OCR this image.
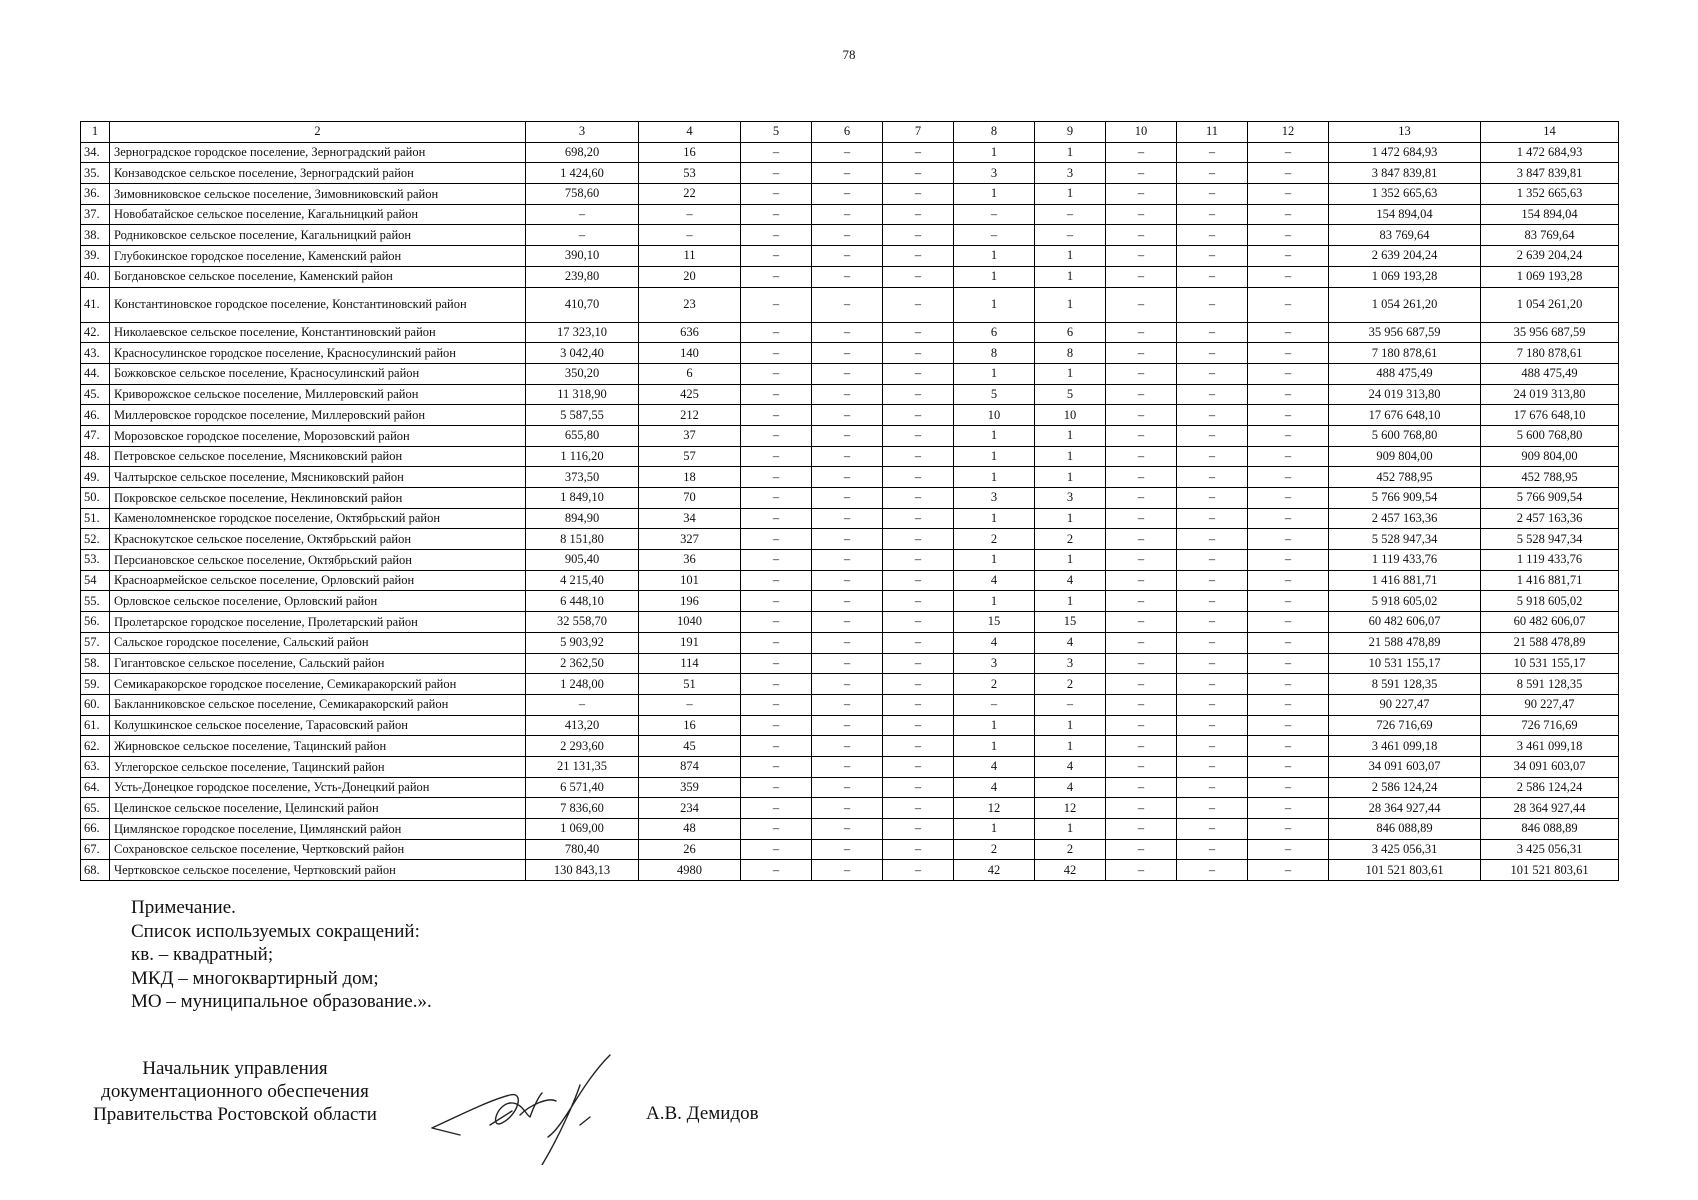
78
1	2	3	4	5	6	7	8	9	10	11	12	13	14
34.	Зерноградское городское поселение, Зерноградский район	698,20	16	–	–	–	1	1	–	–	–	1 472 684,93	1 472 684,93
35.	Конзаводское сельское поселение, Зерноградский район	1 424,60	53	–	–	–	3	3	–	–	–	3 847 839,81	3 847 839,81
36.	Зимовниковское сельское поселение, Зимовниковский район	758,60	22	–	–	–	1	1	–	–	–	1 352 665,63	1 352 665,63
37.	Новобатайское сельское поселение, Кагальницкий район	–	–	–	–	–	–	–	–	–	–	154 894,04	154 894,04
38.	Родниковское сельское поселение, Кагальницкий район	–	–	–	–	–	–	–	–	–	–	83 769,64	83 769,64
39.	Глубокинское городское поселение, Каменский район	390,10	11	–	–	–	1	1	–	–	–	2 639 204,24	2 639 204,24
40.	Богдановское сельское поселение, Каменский район	239,80	20	–	–	–	1	1	–	–	–	1 069 193,28	1 069 193,28
41.	Константиновское городское поселение, Константиновский район	410,70	23	–	–	–	1	1	–	–	–	1 054 261,20	1 054 261,20
42.	Николаевское сельское поселение, Константиновский район	17 323,10	636	–	–	–	6	6	–	–	–	35 956 687,59	35 956 687,59
43.	Красносулинское городское поселение, Красносулинский район	3 042,40	140	–	–	–	8	8	–	–	–	7 180 878,61	7 180 878,61
44.	Божковское сельское поселение, Красносулинский район	350,20	6	–	–	–	1	1	–	–	–	488 475,49	488 475,49
45.	Криворожское сельское поселение, Миллеровский район	11 318,90	425	–	–	–	5	5	–	–	–	24 019 313,80	24 019 313,80
46.	Миллеровское городское поселение, Миллеровский район	5 587,55	212	–	–	–	10	10	–	–	–	17 676 648,10	17 676 648,10
47.	Морозовское городское поселение, Морозовский район	655,80	37	–	–	–	1	1	–	–	–	5 600 768,80	5 600 768,80
48.	Петровское сельское поселение, Мясниковский район	1 116,20	57	–	–	–	1	1	–	–	–	909 804,00	909 804,00
49.	Чалтырское сельское поселение, Мясниковский район	373,50	18	–	–	–	1	1	–	–	–	452 788,95	452 788,95
50.	Покровское сельское поселение, Неклиновский район	1 849,10	70	–	–	–	3	3	–	–	–	5 766 909,54	5 766 909,54
51.	Каменоломненское городское поселение, Октябрьский район	894,90	34	–	–	–	1	1	–	–	–	2 457 163,36	2 457 163,36
52.	Краснокутское сельское поселение, Октябрьский район	8 151,80	327	–	–	–	2	2	–	–	–	5 528 947,34	5 528 947,34
53.	Персиановское сельское поселение, Октябрьский район	905,40	36	–	–	–	1	1	–	–	–	1 119 433,76	1 119 433,76
54	Красноармейское сельское поселение, Орловский район	4 215,40	101	–	–	–	4	4	–	–	–	1 416 881,71	1 416 881,71
55.	Орловское сельское поселение, Орловский район	6 448,10	196	–	–	–	1	1	–	–	–	5 918 605,02	5 918 605,02
56.	Пролетарское городское поселение, Пролетарский район	32 558,70	1040	–	–	–	15	15	–	–	–	60 482 606,07	60 482 606,07
57.	Сальское городское поселение, Сальский район	5 903,92	191	–	–	–	4	4	–	–	–	21 588 478,89	21 588 478,89
58.	Гигантовское сельское поселение, Сальский район	2 362,50	114	–	–	–	3	3	–	–	–	10 531 155,17	10 531 155,17
59.	Семикаракорское городское поселение, Семикаракорский район	1 248,00	51	–	–	–	2	2	–	–	–	8 591 128,35	8 591 128,35
60.	Бакланниковское сельское поселение, Семикаракорский район	–	–	–	–	–	–	–	–	–	–	90 227,47	90 227,47
61.	Колушкинское сельское поселение, Тарасовский район	413,20	16	–	–	–	1	1	–	–	–	726 716,69	726 716,69
62.	Жирновское сельское поселение, Тацинский район	2 293,60	45	–	–	–	1	1	–	–	–	3 461 099,18	3 461 099,18
63.	Углегорское сельское поселение, Тацинский район	21 131,35	874	–	–	–	4	4	–	–	–	34 091 603,07	34 091 603,07
64.	Усть-Донецкое городское поселение, Усть-Донецкий район	6 571,40	359	–	–	–	4	4	–	–	–	2 586 124,24	2 586 124,24
65.	Целинское сельское поселение, Целинский район	7 836,60	234	–	–	–	12	12	–	–	–	28 364 927,44	28 364 927,44
66.	Цимлянское городское поселение, Цимлянский район	1 069,00	48	–	–	–	1	1	–	–	–	846 088,89	846 088,89
67.	Сохрановское сельское поселение, Чертковский район	780,40	26	–	–	–	2	2	–	–	–	3 425 056,31	3 425 056,31
68.	Чертковское сельское поселение, Чертковский район	130 843,13	4980	–	–	–	42	42	–	–	–	101 521 803,61	101 521 803,61
Примечание.
Список используемых сокращений:
кв. – квадратный;
МКД – многоквартирный дом;
МО – муниципальное образование.».
Начальник управления
документационного обеспечения
Правительства Ростовской области	А.В. Демидов
